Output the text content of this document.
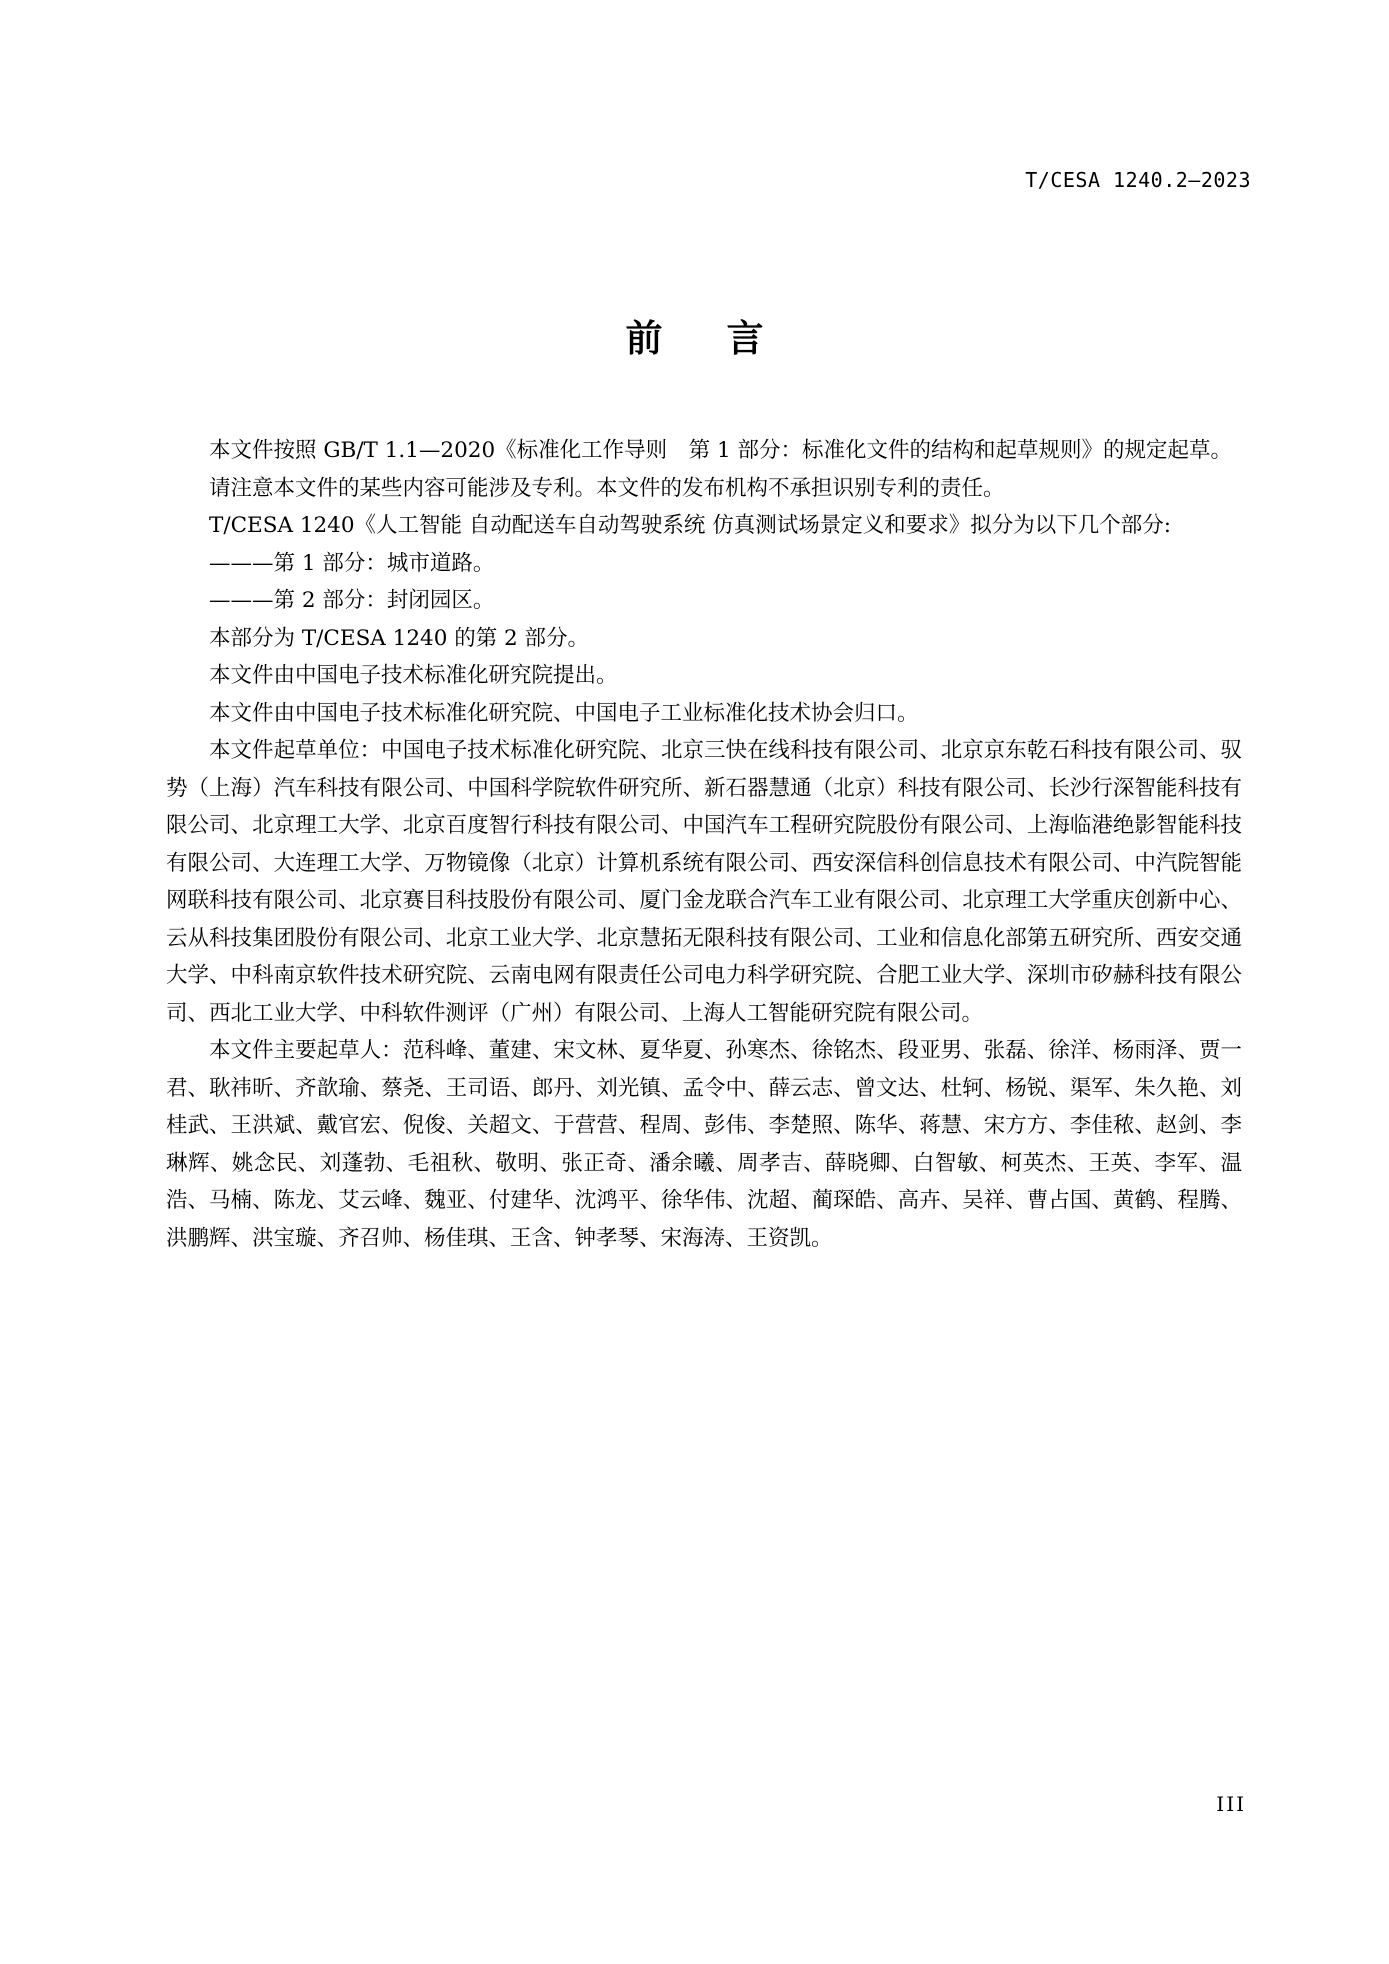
T/CESA 1240.2—2023
前言

本文件按照 GB/T 1.1—2020《标准化工作导则　第 1 部分：标准化文件的结构和起草规则》的规定起草。

请注意本文件的某些内容可能涉及专利。本文件的发布机构不承担识别专利的责任。

T/CESA 1240《人工智能 自动配送车自动驾驶系统 仿真测试场景定义和要求》拟分为以下几个部分:

———第 1 部分：城市道路。

———第 2 部分：封闭园区。

本部分为 T/CESA 1240 的第 2 部分。

本文件由中国电子技术标准化研究院提出。

本文件由中国电子技术标准化研究院、中国电子工业标准化技术协会归口。

本文件起草单位：中国电子技术标准化研究院、北京三快在线科技有限公司、北京京东乾石科技有限公司、驭势（上海）汽车科技有限公司、中国科学院软件研究所、新石器慧通（北京）科技有限公司、长沙行深智能科技有限公司、北京理工大学、北京百度智行科技有限公司、中国汽车工程研究院股份有限公司、上海临港绝影智能科技有限公司、大连理工大学、万物镜像（北京）计算机系统有限公司、西安深信科创信息技术有限公司、中汽院智能网联科技有限公司、北京赛目科技股份有限公司、厦门金龙联合汽车工业有限公司、北京理工大学重庆创新中心、云从科技集团股份有限公司、北京工业大学、北京慧拓无限科技有限公司、工业和信息化部第五研究所、西安交通大学、中科南京软件技术研究院、云南电网有限责任公司电力科学研究院、合肥工业大学、深圳市矽赫科技有限公司、西北工业大学、中科软件测评（广州）有限公司、上海人工智能研究院有限公司。

本文件主要起草人：范科峰、董建、宋文林、夏华夏、孙寒杰、徐铭杰、段亚男、张磊、徐洋、杨雨泽、贾一君、耿祎昕、齐歆瑜、蔡尧、王司语、郎丹、刘光镇、孟令中、薛云志、曾文达、杜轲、杨锐、渠军、朱久艳、刘桂武、王洪斌、戴官宏、倪俊、关超文、于营营、程周、彭伟、李楚照、陈华、蒋慧、宋方方、李佳秾、赵剑、李琳辉、姚念民、刘蓬勃、毛祖秋、敬明、张正奇、潘余曦、周孝吉、薛晓卿、白智敏、柯英杰、王英、李军、温浩、马楠、陈龙、艾云峰、魏亚、付建华、沈鸿平、徐华伟、沈超、蔺琛皓、高卉、吴祥、曹占国、黄鹤、程腾、洪鹏辉、洪宝璇、齐召帅、杨佳琪、王含、钟孝琴、宋海涛、王资凯。

III
